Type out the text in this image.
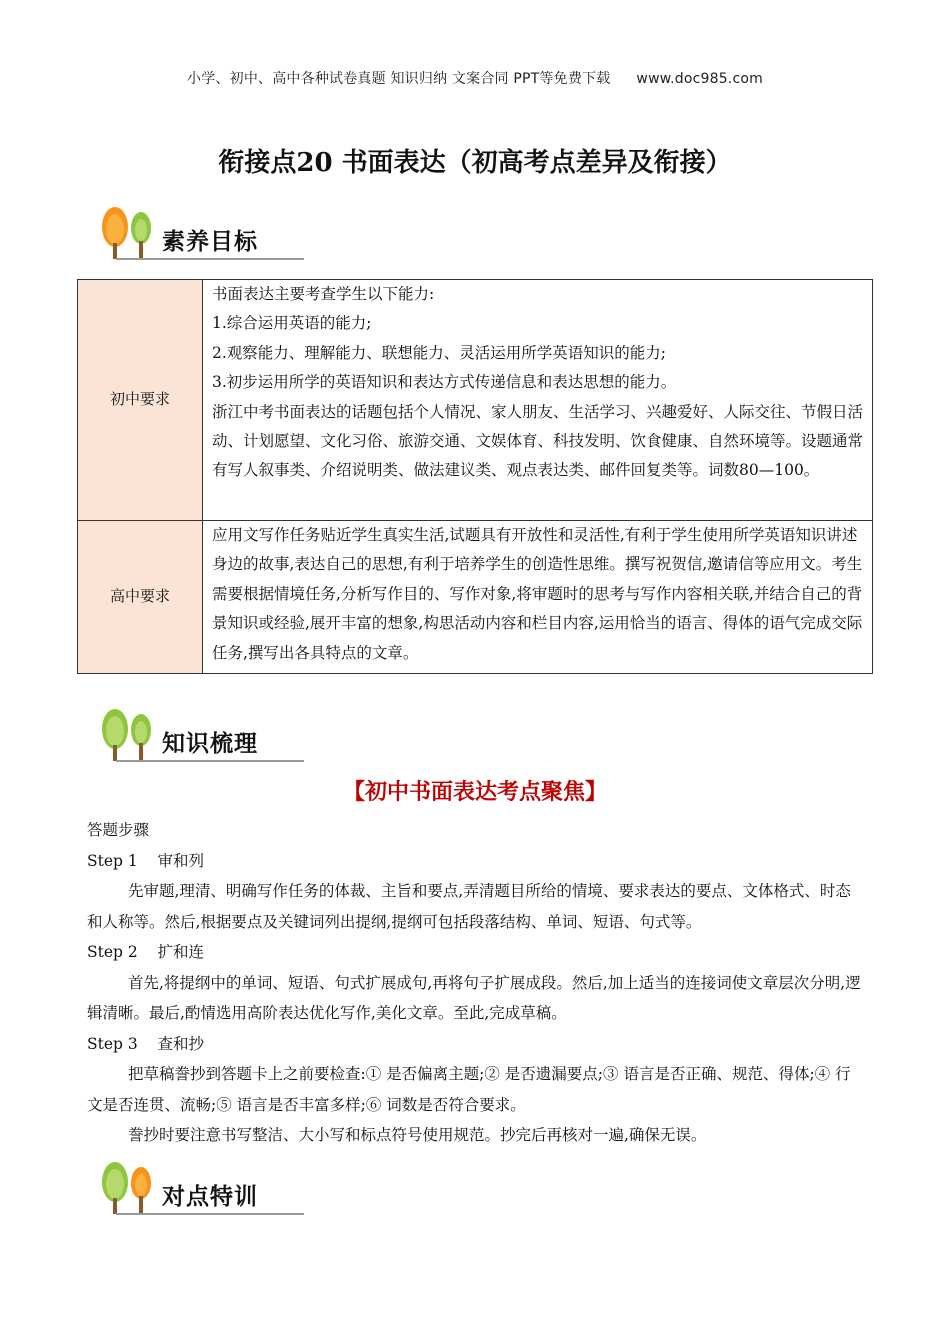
小学、初中、高中各种试卷真题 知识归纳 文案合同 PPT等免费下载 www.doc985.com
衔接点20 书面表达（初高考点差异及衔接）
素养目标
初中要求	书面表达主要考查学生以下能力:
1.综合运用英语的能力;
2.观察能力、理解能力、联想能力、灵活运用所学英语知识的能力;
3.初步运用所学的英语知识和表达方式传递信息和表达思想的能力。
浙江中考书面表达的话题包括个人情况、家人朋友、生活学习、兴趣爱好、人际交往、节假日活动、计划愿望、文化习俗、旅游交通、文娱体育、科技发明、饮食健康、自然环境等。设题通常有写人叙事类、介绍说明类、做法建议类、观点表达类、邮件回复类等。词数80—100。

高中要求	应用文写作任务贴近学生真实生活,试题具有开放性和灵活性,有利于学生使用所学英语知识讲述身边的故事,表达自己的思想,有利于培养学生的创造性思维。撰写祝贺信,邀请信等应用文。考生需要根据情境任务,分析写作目的、写作对象,将审题时的思考与写作内容相关联,并结合自己的背景知识或经验,展开丰富的想象,构思活动内容和栏目内容,运用恰当的语言、得体的语气完成交际任务,撰写出各具特点的文章。
知识梳理
【初中书面表达考点聚焦】

答题步骤

Step 1    审和列

先审题,理清、明确写作任务的体裁、主旨和要点,弄清题目所给的情境、要求表达的要点、文体格式、时态和人称等。然后,根据要点及关键词列出提纲,提纲可包括段落结构、单词、短语、句式等。

Step 2    扩和连

首先,将提纲中的单词、短语、句式扩展成句,再将句子扩展成段。然后,加上适当的连接词使文章层次分明,逻辑清晰。最后,酌情选用高阶表达优化写作,美化文章。至此,完成草稿。

Step 3    查和抄

把草稿誊抄到答题卡上之前要检查:① 是否偏离主题;② 是否遗漏要点;③ 语言是否正确、规范、得体;④ 行文是否连贯、流畅;⑤ 语言是否丰富多样;⑥ 词数是否符合要求。

誊抄时要注意书写整洁、大小写和标点符号使用规范。抄完后再核对一遍,确保无误。

对点特训
